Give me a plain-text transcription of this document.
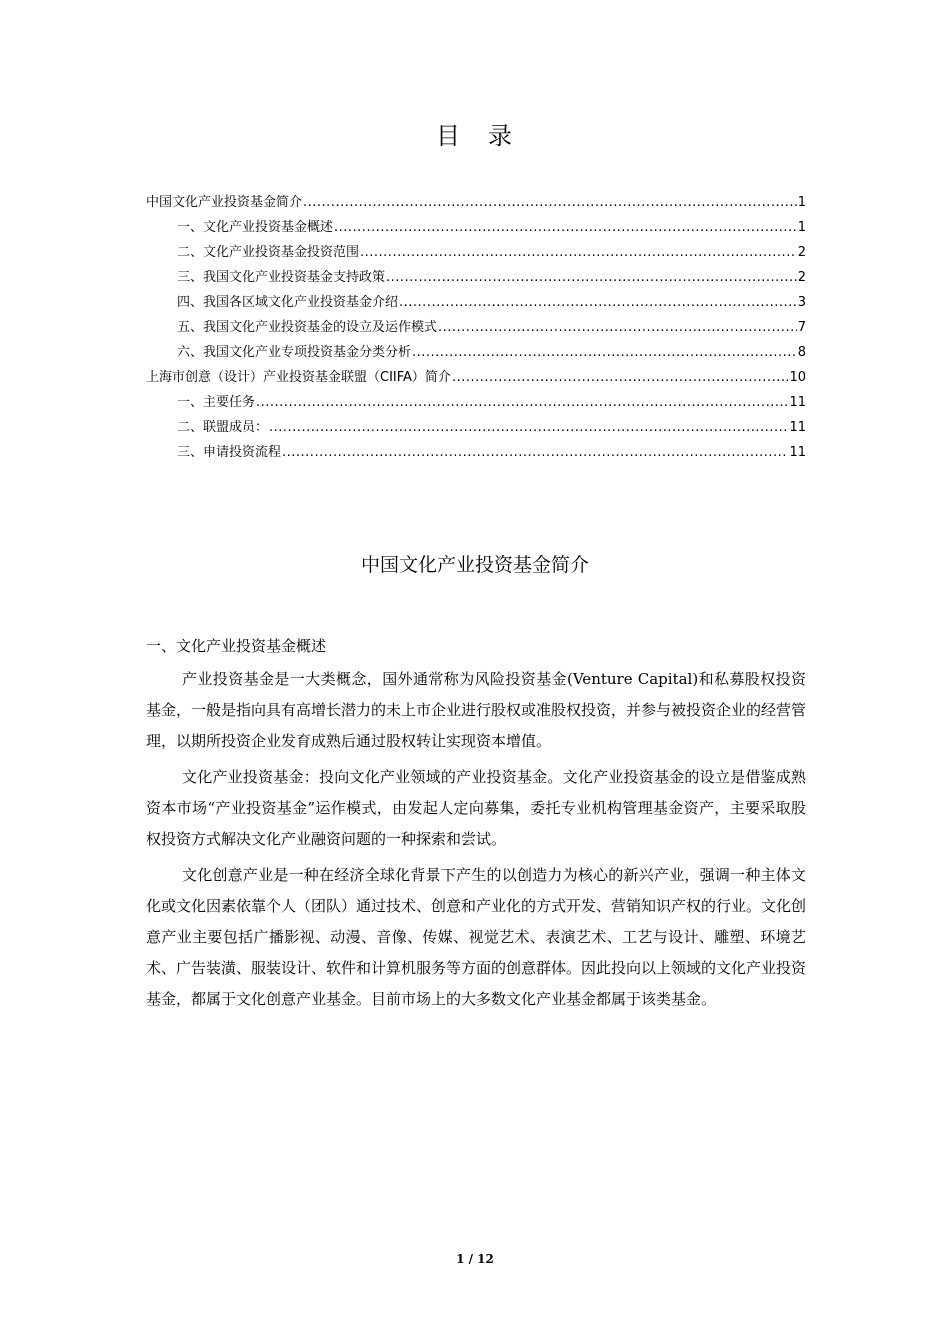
目　录
中国文化产业投资基金简介 .....	1
一、文化产业投资基金概述 .....	1
二、文化产业投资基金投资范围 .....	2
三、我国文化产业投资基金支持政策 .....	2
四、我国各区域文化产业投资基金介绍 .....	3
五、我国文化产业投资基金的设立及运作模式 .....	7
六、我国文化产业专项投资基金分类分析 .....	8
上海市创意（设计）产业投资基金联盟（CIIFA）简介 .....	10
一、主要任务 .....	11
二、联盟成员： .....	11
三、申请投资流程 .....	11
中国文化产业投资基金简介
一、文化产业投资基金概述

产业投资基金是一大类概念，国外通常称为风险投资基金(Venture Capital)和私募股权投资基金，一般是指向具有高增长潜力的未上市企业进行股权或准股权投资，并参与被投资企业的经营管理，以期所投资企业发育成熟后通过股权转让实现资本增值。

文化产业投资基金：投向文化产业领域的产业投资基金。文化产业投资基金的设立是借鉴成熟资本市场“产业投资基金”运作模式，由发起人定向募集，委托专业机构管理基金资产，主要采取股权投资方式解决文化产业融资问题的一种探索和尝试。

文化创意产业是一种在经济全球化背景下产生的以创造力为核心的新兴产业，强调一种主体文化或文化因素依靠个人（团队）通过技术、创意和产业化的方式开发、营销知识产权的行业。文化创意产业主要包括广播影视、动漫、音像、传媒、视觉艺术、表演艺术、工艺与设计、雕塑、环境艺术、广告装潢、服装设计、软件和计算机服务等方面的创意群体。因此投向以上领域的文化产业投资基金，都属于文化创意产业基金。目前市场上的大多数文化产业基金都属于该类基金。

1 / 12
